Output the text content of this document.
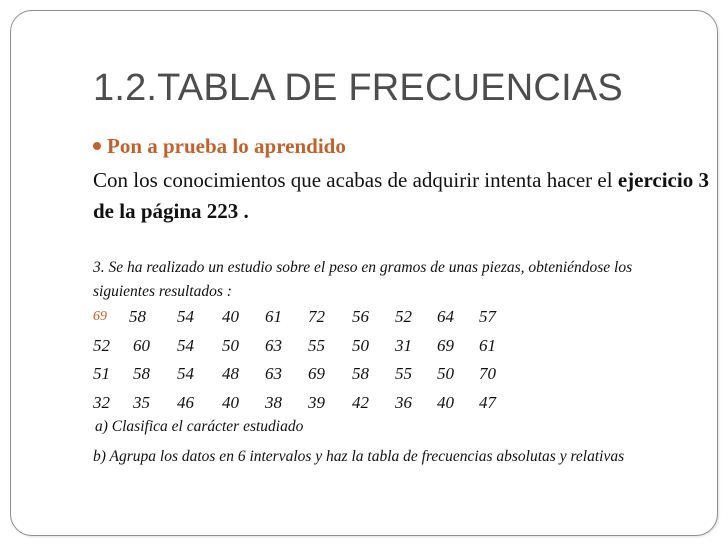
1.2.TABLA DE FRECUENCIAS
Pon a prueba lo aprendido
Con los conocimientos que acabas de adquirir intenta hacer el ejercicio 3 de la página 223 .
3. Se ha realizado un estudio sobre el peso en gramos de unas piezas, obteniéndose los siguientes resultados :
69 58 54 40 61 72 56 52 64 57
52 60 54 50 63 55 50 31 69 61
51 58 54 48 63 69 58 55 50 70
32 35 46 40 38 39 42 36 40 47
a) Clasifica el carácter estudiado
b) Agrupa los datos en 6 intervalos y haz la tabla de frecuencias absolutas y relativas
